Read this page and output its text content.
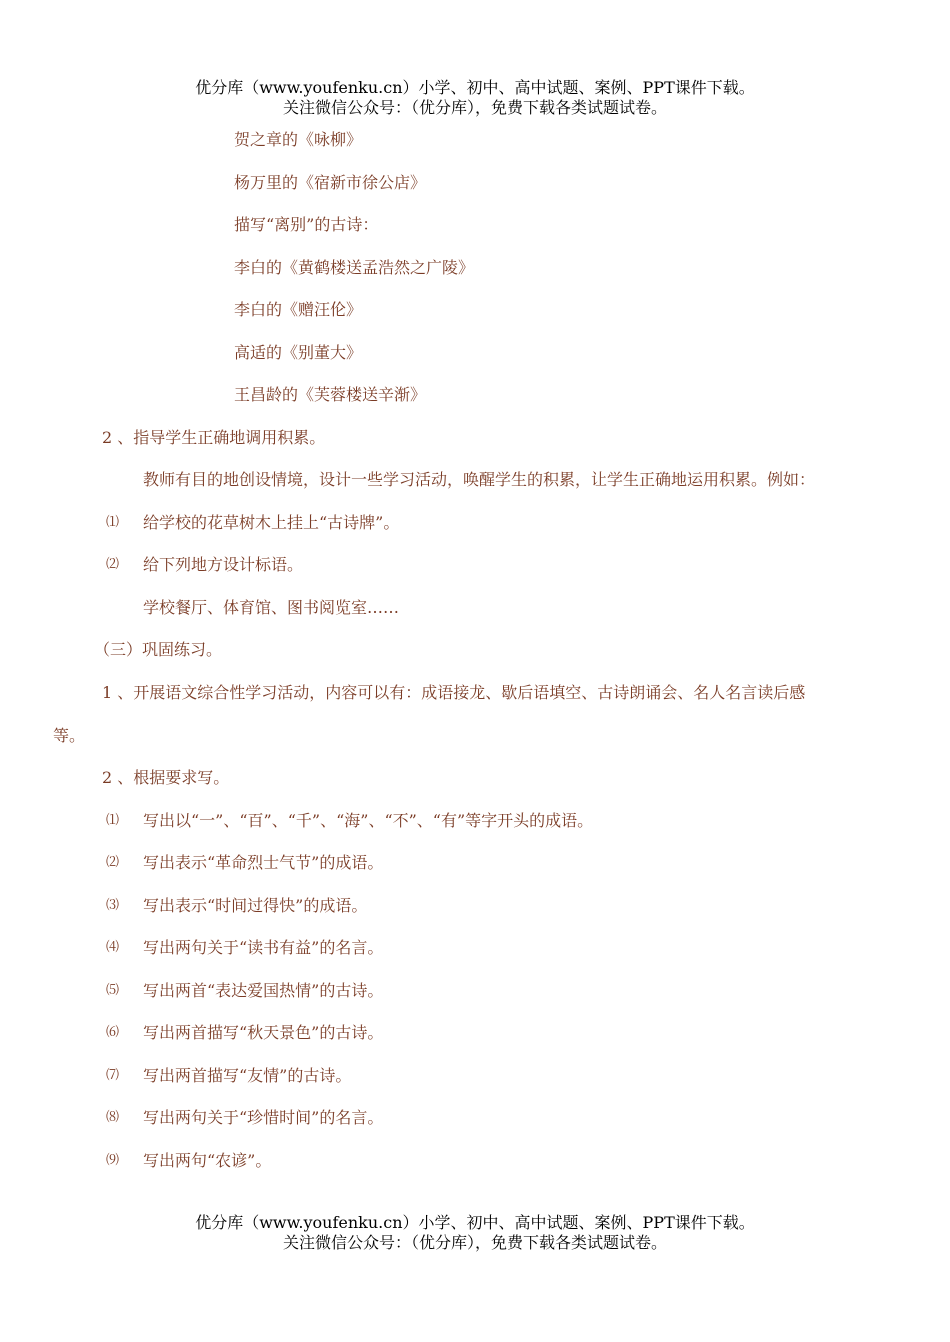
优分库（www.youfenku.cn）小学、初中、高中试题、案例、PPT课件下载。
关注微信公众号：（优分库），免费下载各类试题试卷。
贺之章的《咏柳》
杨万里的《宿新市徐公店》
描写“离别”的古诗：
李白的《黄鹤楼送孟浩然之广陵》
李白的《赠汪伦》
高适的《别董大》
王昌龄的《芙蓉楼送辛渐》
2 、指导学生正确地调用积累。
教师有目的地创设情境，设计一些学习活动，唤醒学生的积累，让学生正确地运用积累。例如：
⑴ 给学校的花草树木上挂上“古诗牌”。
⑵ 给下列地方设计标语。
学校餐厅、体育馆、图书阅览室……
（三）巩固练习。
1 、开展语文综合性学习活动，内容可以有：成语接龙、歇后语填空、古诗朗诵会、名人名言读后感
等。
2 、根据要求写。
⑴ 写出以“一”、“百”、“千”、“海”、“不”、“有”等字开头的成语。
⑵ 写出表示“革命烈士气节”的成语。
⑶ 写出表示“时间过得快”的成语。
⑷ 写出两句关于“读书有益”的名言。
⑸ 写出两首“表达爱国热情”的古诗。
⑹ 写出两首描写“秋天景色”的古诗。
⑺ 写出两首描写“友情”的古诗。
⑻ 写出两句关于“珍惜时间”的名言。
⑼ 写出两句“农谚”。
优分库（www.youfenku.cn）小学、初中、高中试题、案例、PPT课件下载。
关注微信公众号：（优分库），免费下载各类试题试卷。
